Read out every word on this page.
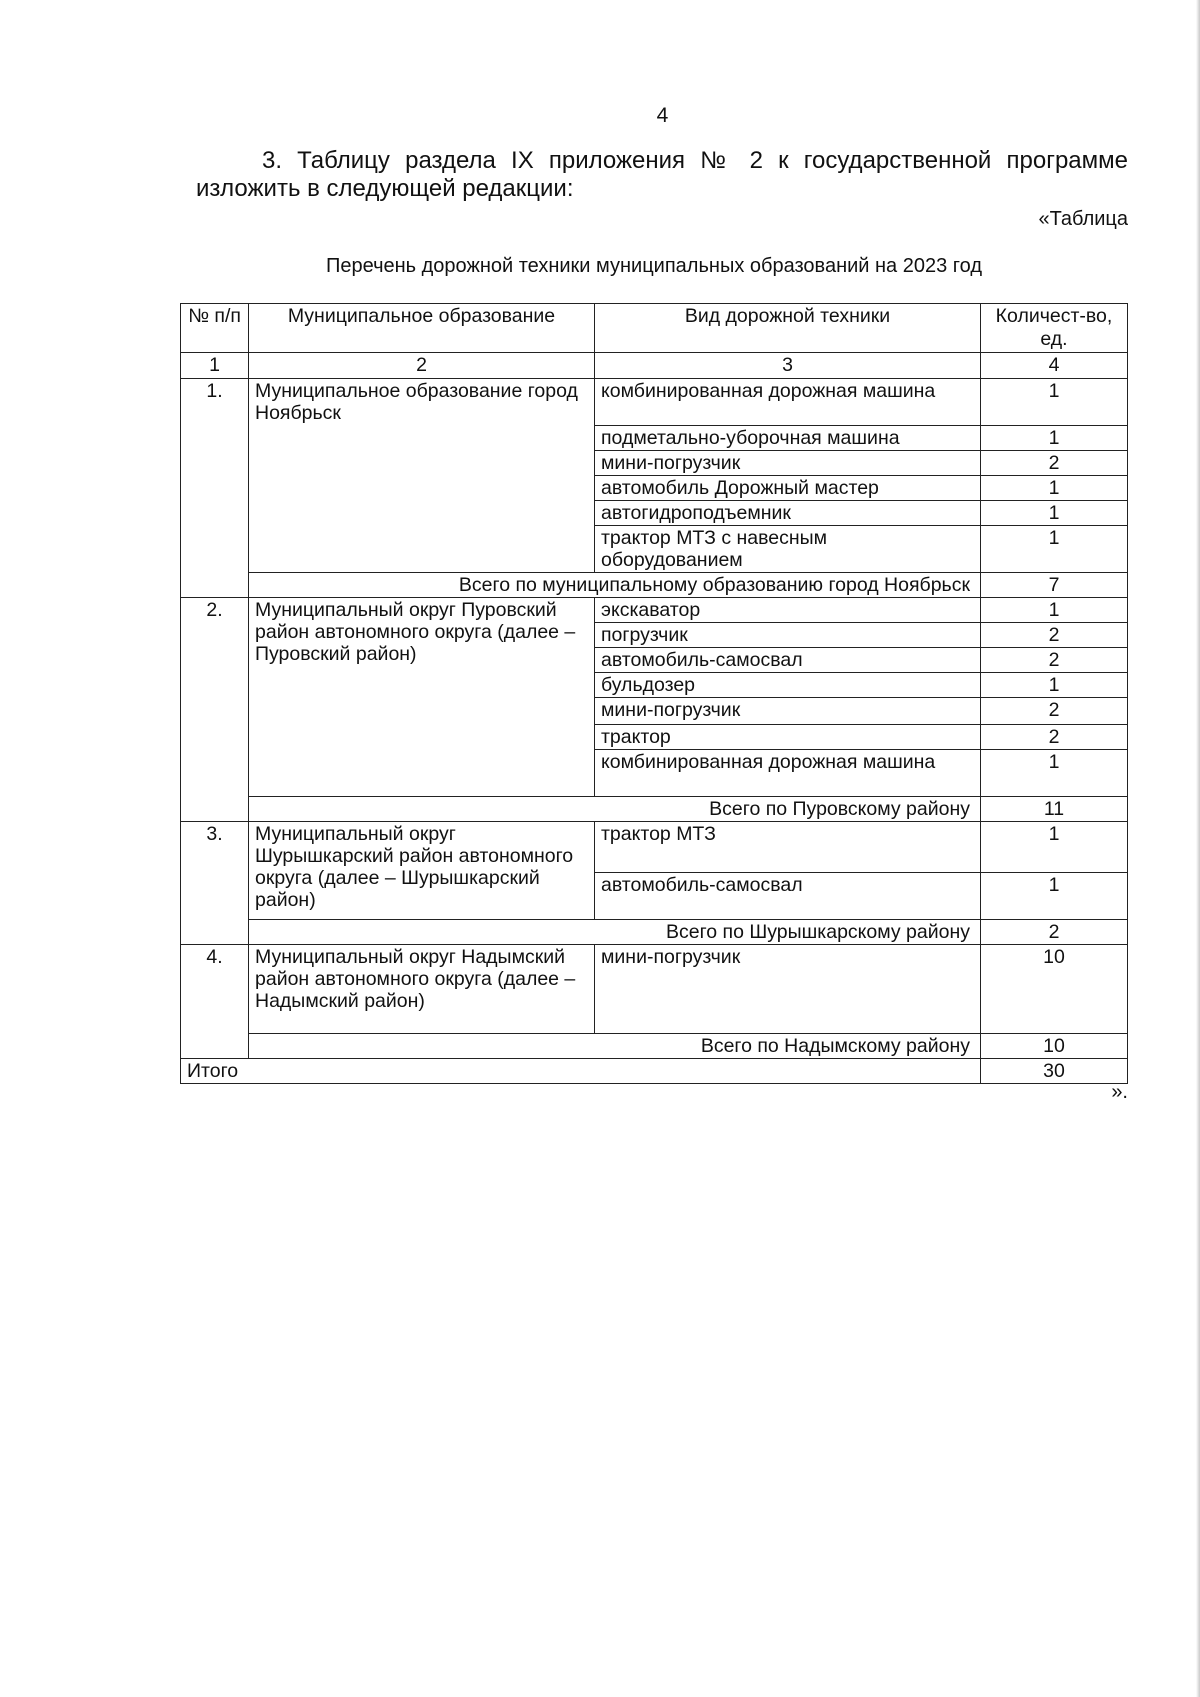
4
3. Таблицу раздела IX приложения № 2 к государственной программе изложить в следующей редакции:
«Таблица
Перечень дорожной техники муниципальных образований на 2023 год
№ п/п	Муниципальное образование	Вид дорожной техники	Количест-во, ед.
1	2	3	4
1.	Муниципальное образование город Ноябрьск	комбинированная дорожная машина	1
		подметально-уборочная машина	1
		мини-погрузчик	2
		автомобиль Дорожный мастер	1
		автогидроподъемник	1
		трактор МТЗ с навесным оборудованием	1
	Всего по муниципальному образованию город Ноябрьск		7
2.	Муниципальный округ Пуровский район автономного округа (далее – Пуровский район)	экскаватор	1
		погрузчик	2
		автомобиль-самосвал	2
		бульдозер	1
		мини-погрузчик	2
		трактор	2
		комбинированная дорожная машина	1
	Всего по Пуровскому району		11
3.	Муниципальный округ Шурышкарский район автономного округа (далее – Шурышкарский район)	трактор МТЗ	1
		автомобиль-самосвал	1
	Всего по Шурышкарскому району		2
4.	Муниципальный округ Надымский район автономного округа (далее – Надымский район)	мини-погрузчик	10
	Всего по Надымскому району		10
Итого			30
».
